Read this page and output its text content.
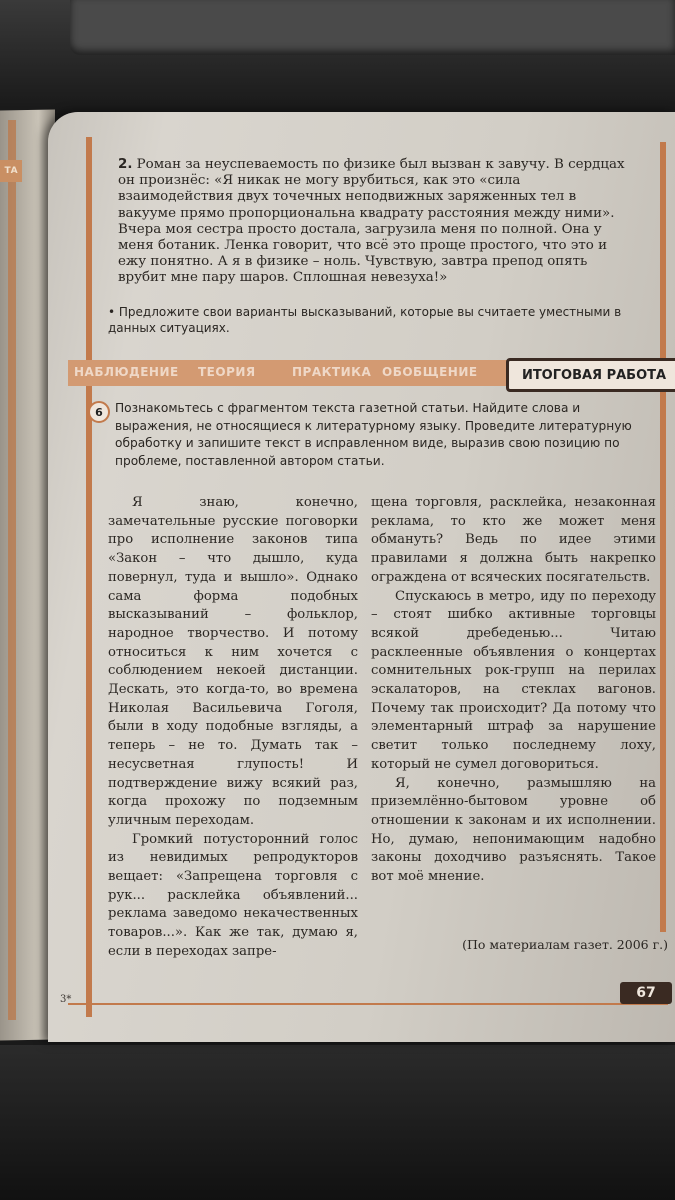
ТА	2. Роман за неуспеваемость по физике был вызван к завучу. В сердцах он произнёс: «Я никак не могу врубиться, как это «сила взаимодействия двух точечных неподвижных заряженных тел в вакууме прямо пропорциональна квадрату расстояния между ними». Вчера моя сестра просто достала, загрузила меня по полной. Она у меня ботаник. Ленка говорит, что всё это проще простого, что это и ежу понятно. А я в физике – ноль. Чувствую, завтра препод опять врубит мне пару шаров. Сплошная невезуха!»
• Предложите свои варианты высказываний, которые вы считаете уместными в данных ситуациях.
НАБЛЮДЕНИЕ ТЕОРИЯ	ПРАКТИКА ОБОБЩЕНИЕ	ИТОГОВАЯ РАБОТА
6 Познакомьтесь с фрагментом текста газетной статьи. Найдите слова и выражения, не относящиеся к литературному языку. Проведите литературную обработку и запишите текст в исправленном виде, выразив свою позицию по проблеме, поставленной автором статьи.

Я знаю, конечно, замечательные русские поговорки про исполнение законов типа «Закон – что дышло, куда повернул, туда и вышло». Однако сама форма подобных высказываний – фольклор, народное творчество. И потому относиться к ним хочется с соблюдением некоей дистанции. Дескать, это когда-то, во времена Николая Васильевича Гоголя, были в ходу подобные взгляды, а теперь – не то. Думать так – несусветная глупость! И подтверждение вижу всякий раз, когда прохожу по подземным уличным переходам.

Громкий потусторонний голос из невидимых репродукторов вещает: «Запрещена торговля с рук... расклейка объявлений... реклама заведомо некачественных товаров...». Как же так, думаю я, если в переходах запре-

щена торговля, расклейка, незаконная реклама, то кто же может меня обмануть? Ведь по идее этими правилами я должна быть накрепко ограждена от всяческих посягательств.

Спускаюсь в метро, иду по переходу – стоят шибко активные торговцы всякой дребеденью... Читаю расклеенные объявления о концертах сомнительных рок-групп на перилах эскалаторов, на стеклах вагонов. Почему так происходит? Да потому что элементарный штраф за нарушение светит только последнему лоху, который не сумел договориться.

Я, конечно, размышляю на приземлённо-бытовом уровне об отношении к законам и их исполнении. Но, думаю, непонимающим надобно законы доходчиво разъяснять. Такое вот моё мнение.

(По материалам газет. 2006 г.)
3*	67
